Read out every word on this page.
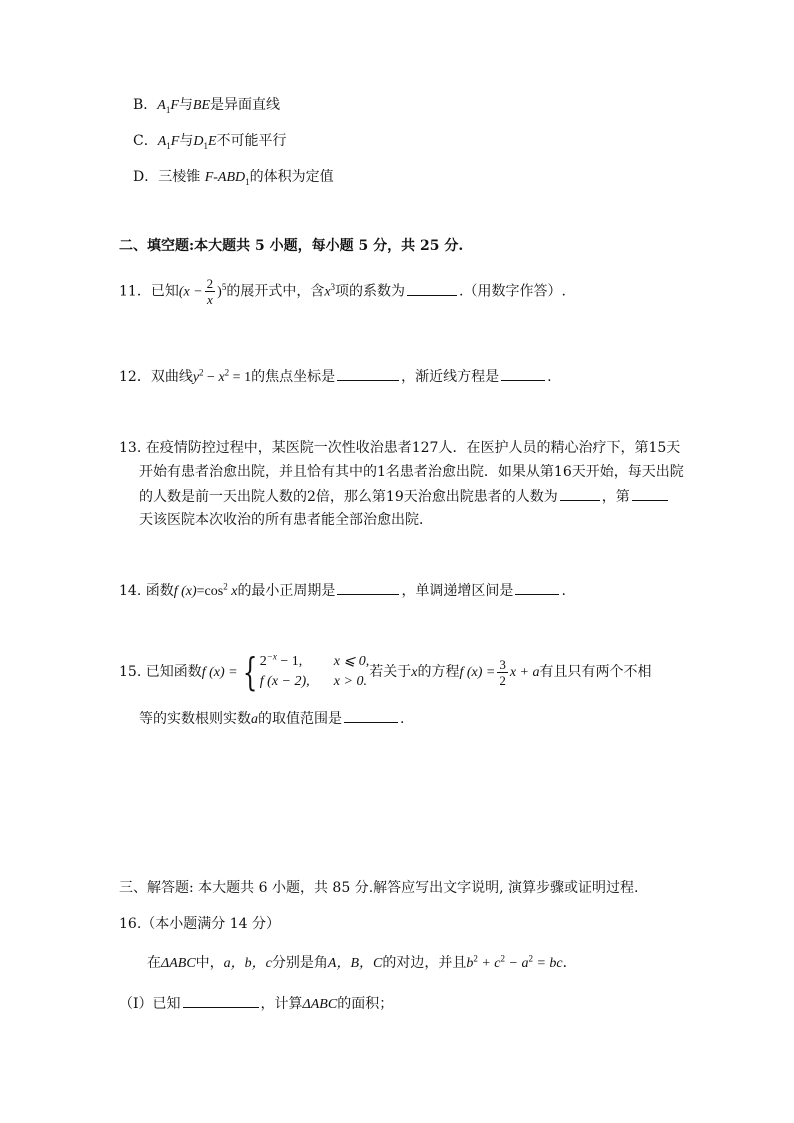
B．$A_1F$与BE是异面直线
C．$A_1F$与$D_1E$不可能平行
D．三棱锥 $F-ABD_1$的体积为定值
二、填空题:本大题共 5 小题，每小题 5 分，共 25 分.
11．已知$(x - \frac{2}{x} )^5$的展开式中，含$x^3$项的系数为	.（用数字作答）.
12．双曲线$y^2 - x^2 = 1$的焦点坐标是	，渐近线方程是	.
13. 在疫情防控过程中，某医院一次性收治患者127人．在医护人员的精心治疗下，第15天
开始有患者治愈出院，并且恰有其中的1名患者治愈出院．如果从第16天开始，每天出院
的人数是前一天出院人数的2倍，那么第19天治愈出院患者的人数为	，第
天该医院本次收治的所有患者能全部治愈出院．
14. 函数f $(x)=\cos^2$ x的最小正周期是	，单调递增区间是	.
15. 已知函数f (x) = { $2^{-x} - 1$, x ⩽ 0,
f (x − 2), x > 0.
若关于x的方程f $(x) = \frac{3}{2}$ x + a有且只有两个不相
等的实数根则实数a的取值范围是	.
三、解答题: 本大题共 6 小题，共 85 分.解答应写出文字说明, 演算步骤或证明过程.
16.（本小题满分 14 分）
在ΔABC中，a，b，c分别是角A，B，C的对边，并且$b^2 + c^2 - a^2$ = bc．
（Ⅰ）已知	，计算ΔABC的面积；
